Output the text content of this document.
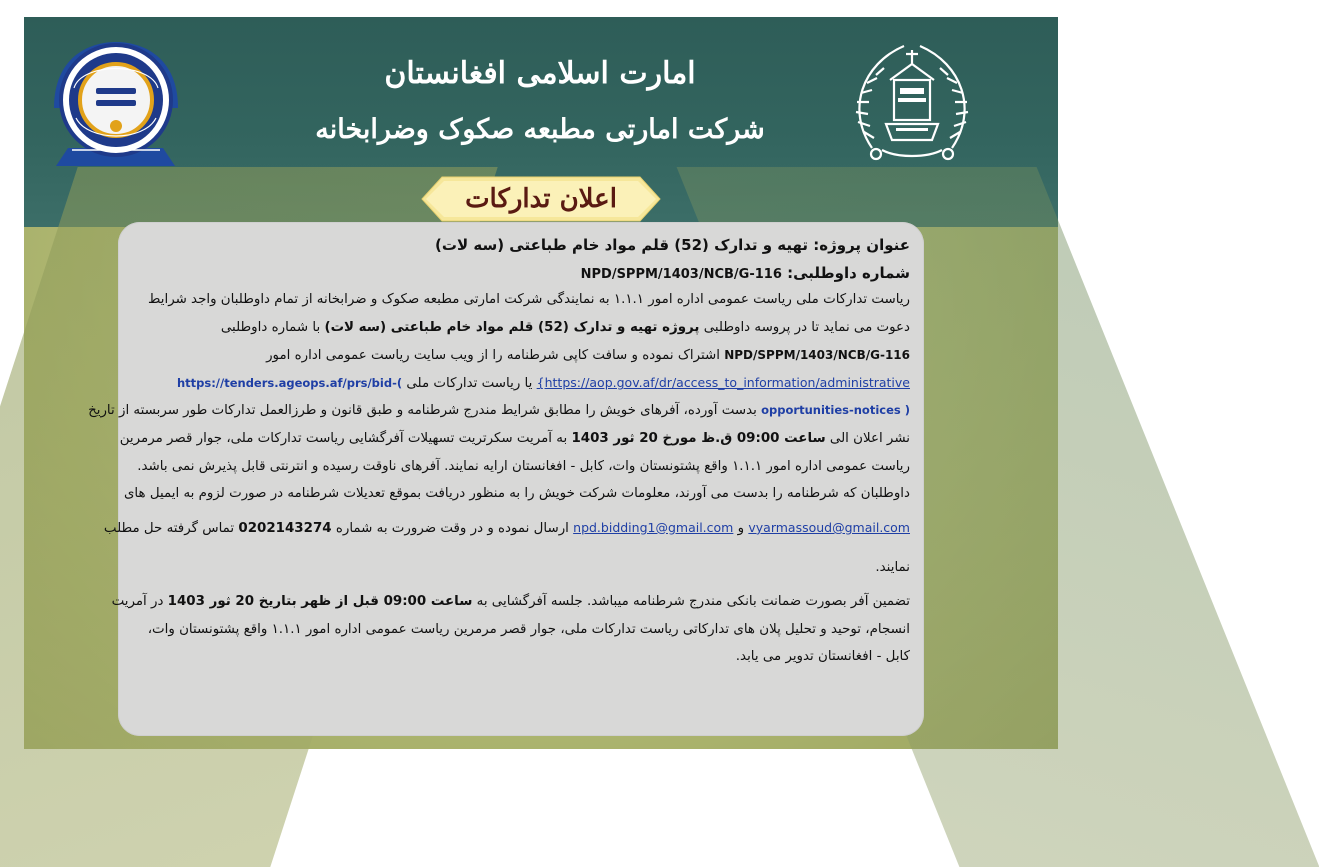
امارت اسلامی افغانستان
شرکت امارتی مطبعه صکوک وضرابخانه
اعلان تدارکات

عنوان پروژه: تهیه و تدارک (52) قلم مواد خام طباعتی (سه لات)

شماره داوطلبی: NPD/SPPM/1403/NCB/G-116

ریاست تدارکات ملی ریاست عمومی اداره امور ۱.۱.۱ به نمایندگی شرکت امارتی مطبعه صکوک و ضرابخانه از تمام داوطلبان واجد شرایط

دعوت می نماید تا در پروسه داوطلبی پروژه تهیه و تدارک (52) قلم مواد خام طباعتی (سه لات) با شماره داوطلبی

NPD/SPPM/1403/NCB/G-116 اشتراک نموده و سافت کاپی شرطنامه را از ویب سایت ریاست عمومی اداره امور

{https://aop.gov.af/dr/access_to_information/administrative یا ریاست تدارکات ملی https://tenders.ageops.af/prs/bid-(

opportunities-notices ) بدست آورده، آفرهای خویش را مطابق شرایط مندرج شرطنامه و طبق قانون و طرزالعمل تدارکات طور سربسته از تاریخ

نشر اعلان الی ساعت 09:00 ق.ظ مورخ 20 ثور 1403 به آمریت سکرتریت تسهیلات آفرگشایی ریاست تدارکات ملی، جوار قصر مرمرین

ریاست عمومی اداره امور ۱.۱.۱ واقع پشتونستان وات، کابل - افغانستان ارایه نمایند. آفرهای ناوقت رسیده و انترنتی قابل پذیرش نمی باشد.

داوطلبان که شرطنامه را بدست می آورند، معلومات شرکت خویش را به منظور دریافت بموقع تعدیلات شرطنامه در صورت لزوم به ایمیل های

vyarmassoud@gmail.com و npd.bidding1@gmail.com ارسال نموده و در وقت ضرورت به شماره 0202143274 تماس گرفته حل مطلب

نمایند.

تضمین آفر بصورت ضمانت بانکی مندرج شرطنامه میباشد. جلسه آفرگشایی به ساعت 09:00 قبل از ظهر بتاریخ 20 ثور 1403 در آمریت

انسجام، توحید و تحلیل پلان های تدارکاتی ریاست تدارکات ملی، جوار قصر مرمرین ریاست عمومی اداره امور ۱.۱.۱ واقع پشتونستان وات،

کابل - افغانستان تدویر می یابد.
